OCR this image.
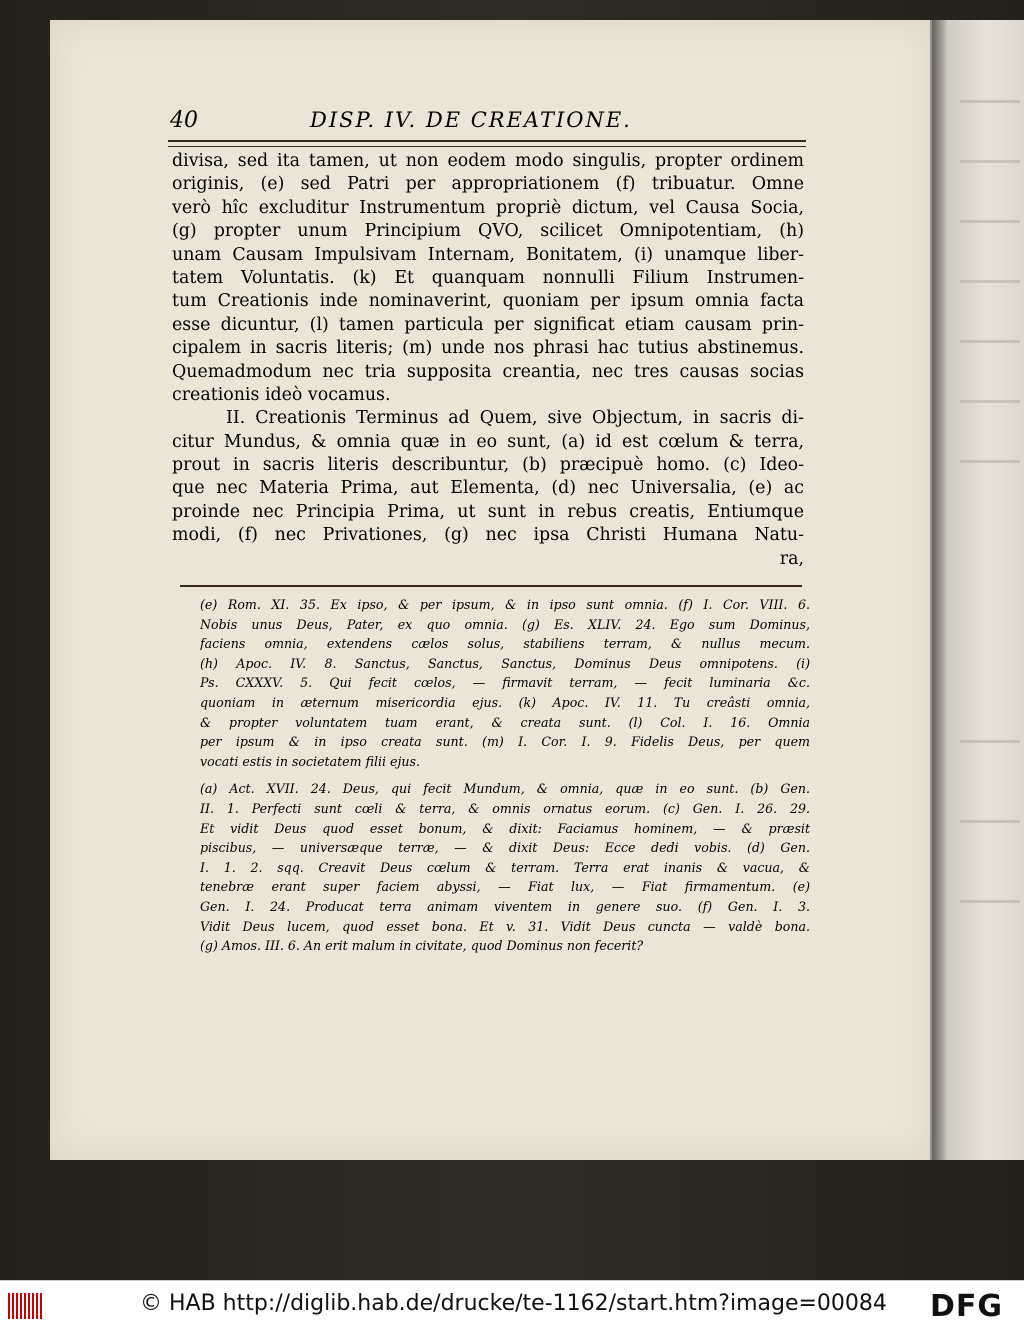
40	DISP. IV. DE CREATIONE.
divisa, sed ita tamen, ut non eodem modo singulis, propter ordinem
originis, (e) sed Patri per appropriationem (f) tribuatur. Omne
verò hîc excluditur Instrumentum propriè dictum, vel Causa Socia,
(g) propter unum Principium QVO, scilicet Omnipotentiam, (h)
unam Causam Impulsivam Internam, Bonitatem, (i) unamque liber-
tatem Voluntatis. (k) Et quanquam nonnulli Filium Instrumen-
tum Creationis inde nominaverint, quoniam per ipsum omnia facta
esse dicuntur, (l) tamen particula per significat etiam causam prin-
cipalem in sacris literis; (m) unde nos phrasi hac tutius abstinemus.
Quemadmodum nec tria supposita creantia, nec tres causas socias
creationis ideò vocamus.
II. Creationis Terminus ad Quem, sive Objectum, in sacris di-
citur Mundus, & omnia quæ in eo sunt, (a) id est cœlum & terra,
prout in sacris literis describuntur, (b) præcipuè homo. (c) Ideo-
que nec Materia Prima, aut Elementa, (d) nec Universalia, (e) ac
proinde nec Principia Prima, ut sunt in rebus creatis, Entiumque
modi, (f) nec Privationes, (g) nec ipsa Christi Humana Natu-
ra,
(e) Rom. XI. 35. Ex ipso, & per ipsum, & in ipso sunt omnia. (f) I. Cor. VIII. 6.
Nobis unus Deus, Pater, ex quo omnia. (g) Es. XLIV. 24. Ego sum Dominus,
faciens omnia, extendens cælos solus, stabiliens terram, & nullus mecum.
(h) Apoc. IV. 8. Sanctus, Sanctus, Sanctus, Dominus Deus omnipotens. (i)
Ps. CXXXV. 5. Qui fecit cœlos, — firmavit terram, — fecit luminaria &c.
quoniam in æternum misericordia ejus. (k) Apoc. IV. 11. Tu creâsti omnia,
& propter voluntatem tuam erant, & creata sunt. (l) Col. I. 16. Omnia
per ipsum & in ipso creata sunt. (m) I. Cor. I. 9. Fidelis Deus, per quem
vocati estis in societatem filii ejus.
(a) Act. XVII. 24. Deus, qui fecit Mundum, & omnia, quæ in eo sunt. (b) Gen.
II. 1. Perfecti sunt cœli & terra, & omnis ornatus eorum. (c) Gen. I. 26. 29.
Et vidit Deus quod esset bonum, & dixit: Faciamus hominem, — & præsit
piscibus, — universæque terræ, — & dixit Deus: Ecce dedi vobis. (d) Gen.
I. 1. 2. sqq. Creavit Deus cœlum & terram. Terra erat inanis & vacua, &
tenebræ erant super faciem abyssi, — Fiat lux, — Fiat firmamentum. (e)
Gen. I. 24. Producat terra animam viventem in genere suo. (f) Gen. I. 3.
Vidit Deus lucem, quod esset bona. Et v. 31. Vidit Deus cuncta — valdè bona.
(g) Amos. III. 6. An erit malum in civitate, quod Dominus non fecerit?
© HAB http://diglib.hab.de/drucke/te-1162/start.htm?image=00084 DFG
